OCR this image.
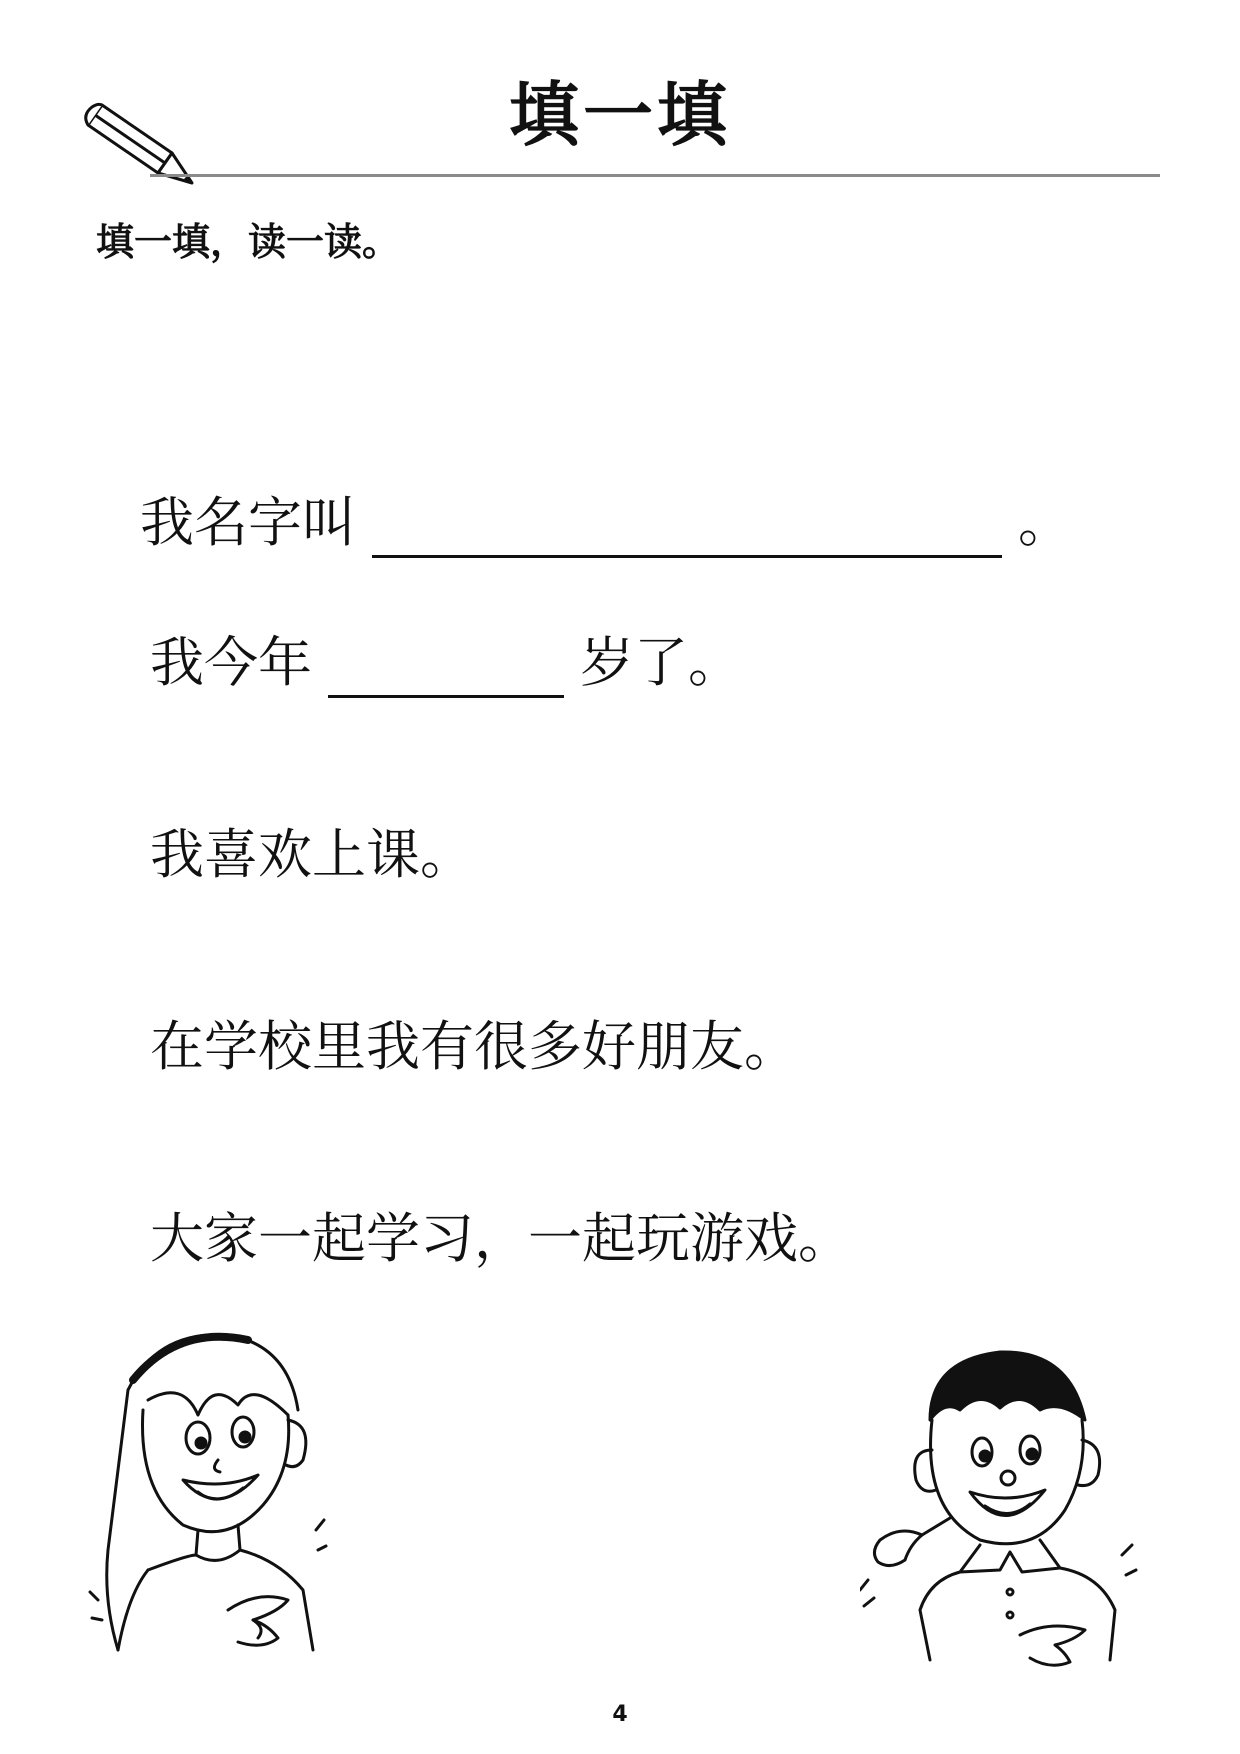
填一填
填一填，读一读。
我名字叫	。
我今年	岁了。
我喜欢上课。
在学校里我有很多好朋友。
大家一起学习，一起玩游戏。
4
